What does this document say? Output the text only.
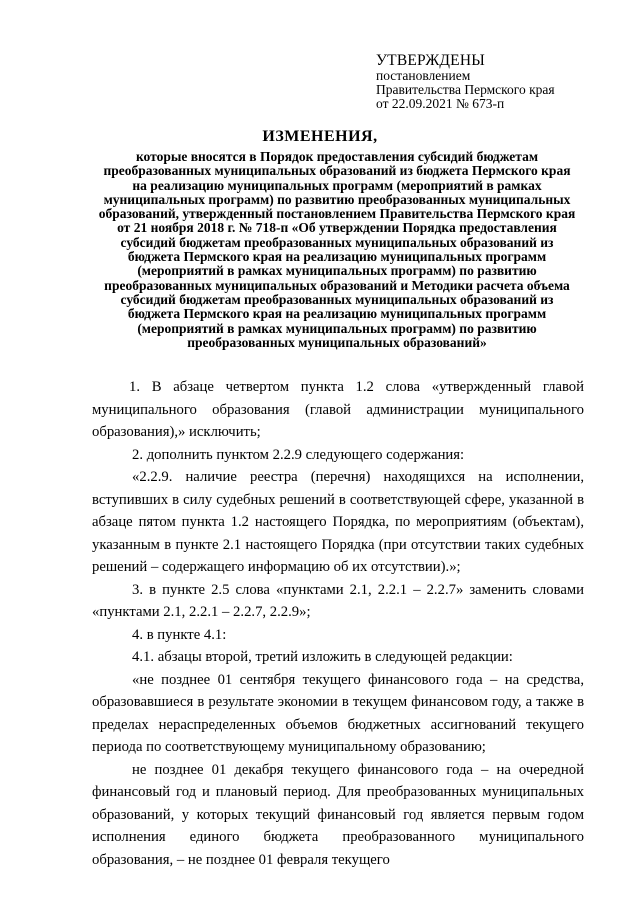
УТВЕРЖДЕНЫ
постановлением
Правительства Пермского края
от 22.09.2021 № 673-п
ИЗМЕНЕНИЯ,
которые вносятся в Порядок предоставления субсидий бюджетам преобразованных муниципальных образований из бюджета Пермского края на реализацию муниципальных программ (мероприятий в рамках муниципальных программ) по развитию преобразованных муниципальных образований, утвержденный постановлением Правительства Пермского края от 21 ноября 2018 г. № 718-п «Об утверждении Порядка предоставления субсидий бюджетам преобразованных муниципальных образований из бюджета Пермского края на реализацию муниципальных программ (мероприятий в рамках муниципальных программ) по развитию преобразованных муниципальных образований и Методики расчета объема субсидий бюджетам преобразованных муниципальных образований из бюджета Пермского края на реализацию муниципальных программ (мероприятий в рамках муниципальных программ) по развитию преобразованных муниципальных образований»

1. В абзаце четвертом пункта 1.2 слова «утвержденный главой муниципального образования (главой администрации муниципального образования),» исключить;

2. дополнить пунктом 2.2.9 следующего содержания:

«2.2.9. наличие реестра (перечня) находящихся на исполнении, вступивших в силу судебных решений в соответствующей сфере, указанной в абзаце пятом пункта 1.2 настоящего Порядка, по мероприятиям (объектам), указанным в пункте 2.1 настоящего Порядка (при отсутствии таких судебных решений – содержащего информацию об их отсутствии).»;

3. в пункте 2.5 слова «пунктами 2.1, 2.2.1 – 2.2.7» заменить словами «пунктами 2.1, 2.2.1 – 2.2.7, 2.2.9»;

4. в пункте 4.1:

4.1. абзацы второй, третий изложить в следующей редакции:

«не позднее 01 сентября текущего финансового года – на средства, образовавшиеся в результате экономии в текущем финансовом году, а также в пределах нераспределенных объемов бюджетных ассигнований текущего периода по соответствующему муниципальному образованию;

не позднее 01 декабря текущего финансового года – на очередной финансовый год и плановый период. Для преобразованных муниципальных образований, у которых текущий финансовый год является первым годом исполнения единого бюджета преобразованного муниципального образования, – не позднее 01 февраля текущего
